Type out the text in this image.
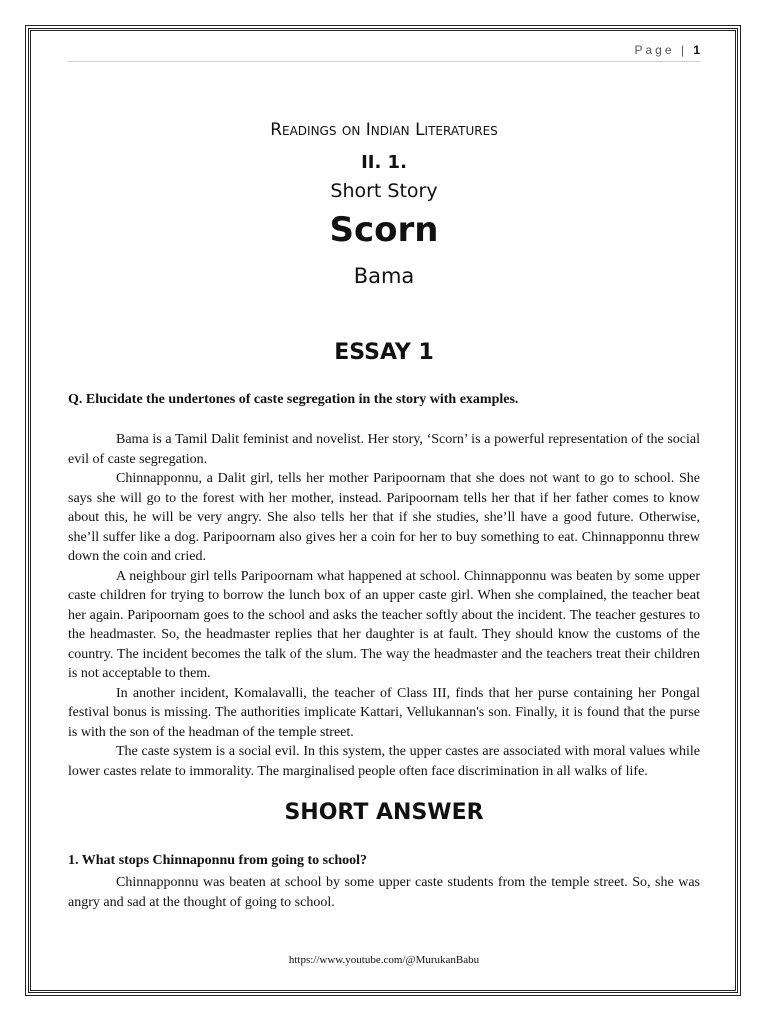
Page | 1
Readings on Indian Literatures
II. 1.
Short Story
Scorn
Bama
ESSAY 1
Q. Elucidate the undertones of caste segregation in the story with examples.

Bama is a Tamil Dalit feminist and novelist. Her story, ‘Scorn’ is a powerful representation of the social evil of caste segregation.

Chinnapponnu, a Dalit girl, tells her mother Paripoornam that she does not want to go to school. She says she will go to the forest with her mother, instead. Paripoornam tells her that if her father comes to know about this, he will be very angry. She also tells her that if she studies, she’ll have a good future. Otherwise, she’ll suffer like a dog. Paripoornam also gives her a coin for her to buy something to eat. Chinnapponnu threw down the coin and cried.

A neighbour girl tells Paripoornam what happened at school. Chinnapponnu was beaten by some upper caste children for trying to borrow the lunch box of an upper caste girl. When she complained, the teacher beat her again. Paripoornam goes to the school and asks the teacher softly about the incident. The teacher gestures to the headmaster. So, the headmaster replies that her daughter is at fault. They should know the customs of the country. The incident becomes the talk of the slum. The way the headmaster and the teachers treat their children is not acceptable to them.

In another incident, Komalavalli, the teacher of Class III, finds that her purse containing her Pongal festival bonus is missing. The authorities implicate Kattari, Vellukannan's son. Finally, it is found that the purse is with the son of the headman of the temple street.

The caste system is a social evil. In this system, the upper castes are associated with moral values while lower castes relate to immorality. The marginalised people often face discrimination in all walks of life.

SHORT ANSWER
1. What stops Chinnaponnu from going to school?

Chinnapponnu was beaten at school by some upper caste students from the temple street. So, she was angry and sad at the thought of going to school.

https://www.youtube.com/@MurukanBabu
